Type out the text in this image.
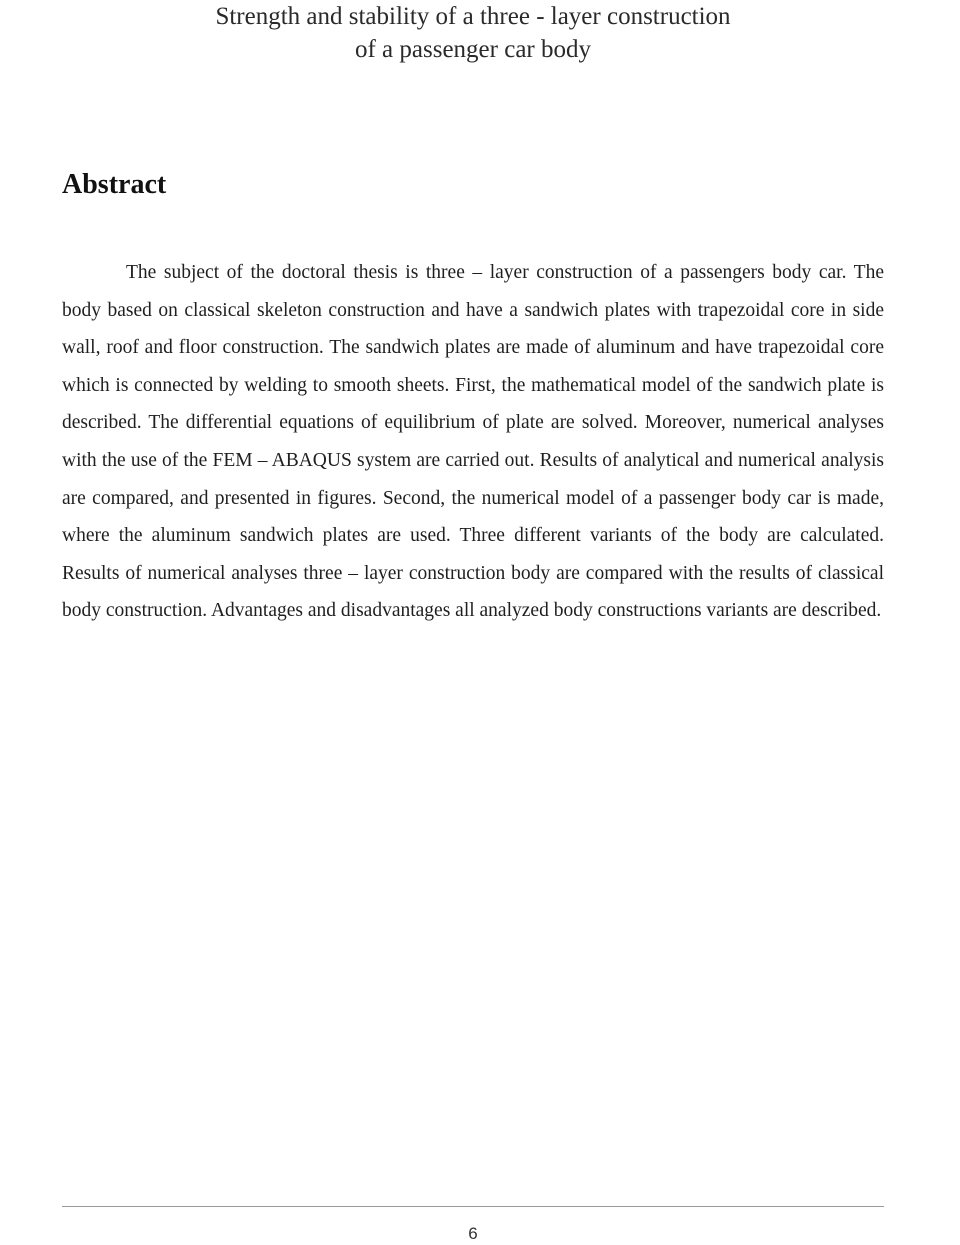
Strength and stability of a three - layer construction
of a passenger car body
Abstract

The subject of the doctoral thesis is three – layer construction of a passengers body car. The body based on classical skeleton construction and have a sandwich plates with trapezoidal core in side wall, roof and floor construction. The sandwich plates are made of aluminum and have trapezoidal core which is connected by welding to smooth sheets. First, the mathematical model of the sandwich plate is described. The differential equations of equilibrium of plate are solved. Moreover, numerical analyses with the use of the FEM – ABAQUS system are carried out. Results of analytical and numerical analysis are compared, and presented in figures. Second, the numerical model of a passenger body car is made, where the aluminum sandwich plates are used. Three different variants of the body are calculated. Results of numerical analyses three – layer construction body are compared with the results of classical body construction. Advantages and disadvantages all analyzed body constructions variants are described.

6
